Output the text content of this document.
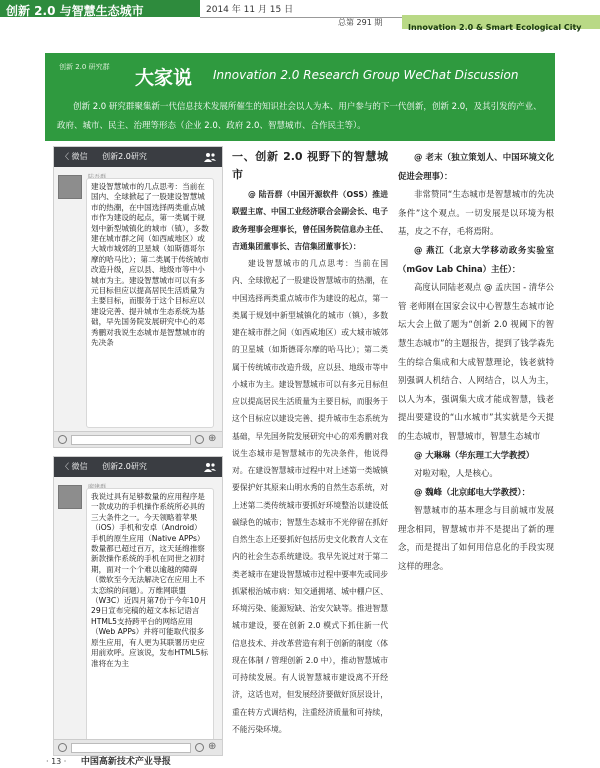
创新 2.0 与智慧生态城市	2014 年 11 月 15 日
总第 291 期
Innovation 2.0 & Smart Ecological City
创新 2.0 研究群 大家说 Innovation 2.0 Research Group WeChat Discussion
创新 2.0 研究群聚集新一代信息技术发展所催生的知识社会以人为本、用户参与的下一代创新，创新 2.0，及其引发的产业、政府、城市、民主、治理等形态（企业 2.0、政府 2.0、智慧城市、合作民主等）。
〈 微信 创新2.0研究
建设智慧城市的几点思考：当前在国内、全球掀起了一股建设智慧城市的热潮，在中国选择两类重点城市作为建设的起点，第一类属于规划中新型城镇化的城市（镇），多数建在城市群之间（如西咸地区）或大城市城郊的卫星城（如斯德哥尔摩的哈马比）；第二类属于传统城市改造升级，应以县、地级市等中小城市为主。建设智慧城市可以有多元目标但应以提高居民生活质量为主要目标，而服务于这个目标应以建设完善、提升城市生态系统为基础，早先国务院发展研究中心的邓秀鹏对我说生态城市是智慧城市的先决条
⊕
〈 微信 创新2.0研究
我说过具有足够数量的应用程序是一款成功的手机操作系统所必具的三大条件之一。今天领略着苹果（iOS）手机和安卓（Android）手机的原生应用（Native APPs）数量都已超过百万，这天延绵推察新款操作系统的手机在同世之初时期，面对一个个难以逾越的障碍（微软至今无法解决它在应用上不太恋缤的问题）。万维网联盟（W3C）近四月第7份于今年10月29日宣布完稿的超文本标记语言HTML5支持跨平台的网络应用（Web APPs）并将可能取代很多原生应用，有人更为其联署历史应用前欢呼。应该说，发布HTML5标准将在为主
⊕
一、创新 2.0 视野下的智慧城市
@ 陆吾群（中国开源软件（OSS）推进联盟主席、中国工业经济联合会副会长、电子政务理事会理事长，曾任国务院信息办主任、吉通集团董事长、吉信集团董事长）：

建设智慧城市的几点思考：当前在国内、全球掀起了一股建设智慧城市的热潮，在中国选择两类重点城市作为建设的起点，第一类属于规划中新型城镇化的城市（镇），多数建在城市群之间（如西咸地区）或大城市城郊的卫星城（如斯德哥尔摩的哈马比）；第二类属于传统城市改造升级，应以县、地级市等中小城市为主。建设智慧城市可以有多元目标但应以提高居民生活质量为主要目标，而服务于这个目标应以建设完善、提升城市生态系统为基础，早先国务院发展研究中心的邓秀鹏对我说生态城市是智慧城市的先决条件，他说得对。在建设智慧城市过程中对上述第一类城镇要保护好其原来山明水秀的自然生态系统，对上述第二类传统城市要抓好环境整治以建设低碳绿色的城市；智慧生态城市不光停留在抓好自然生态上还要抓好包括历史文化教育人文在内的社会生态系统建设。我早先说过对于第二类老城市在建设智慧城市过程中要率先或同步抓紧根治城市病：知交通拥堵、城中棚户区、环境污染、能源短缺、治安欠缺等。推进智慧城市建设，要在创新 2.0 模式下抓住新一代信息技术、并改革营造有利于创新的制度（体现在体制 / 管理创新 2.0 中），推动智慧城市可持续发展。有人说智慧城市建设离不开经济，这话也对，但发展经济要做好顶层设计，重在转方式调结构，注重经济质量和可持续，不能污染环境。

@ 老末（独立策划人、中国环境文化促进会理事）：

非常赞同“生态城市是智慧城市的先决条件”这个观点。一切发展是以环境为根基，皮之不存，毛将焉附。

@ 燕江（北京大学移动政务实验室（mGov Lab China）主任）：

高度认同陆老观点 @ 孟庆国 - 清华公管 老师刚在国家会议中心智慧生态城市论坛大会上做了题为“创新 2.0 视阈下的智慧生态城市”的主题报告，提到了钱学森先生的综合集成和大成智慧理论，钱老就特别强调人机结合、人网结合，以人为主，以人为本，强调集大成才能成智慧，钱老提出要建设的“山水城市”其实就是今天提的生态城市，智慧城市，智慧生态城市

@ 大琳琳（华东理工大学教授）

对啦对啦，人是核心。

@ 魏峰（北京邮电大学教授）：

智慧城市的基本理念与目前城市发展理念相同，智慧城市并不是提出了新的理念，而是提出了如何用信息化的手段实现这样的理念。

· 13 · 中国高新技术产业导报
